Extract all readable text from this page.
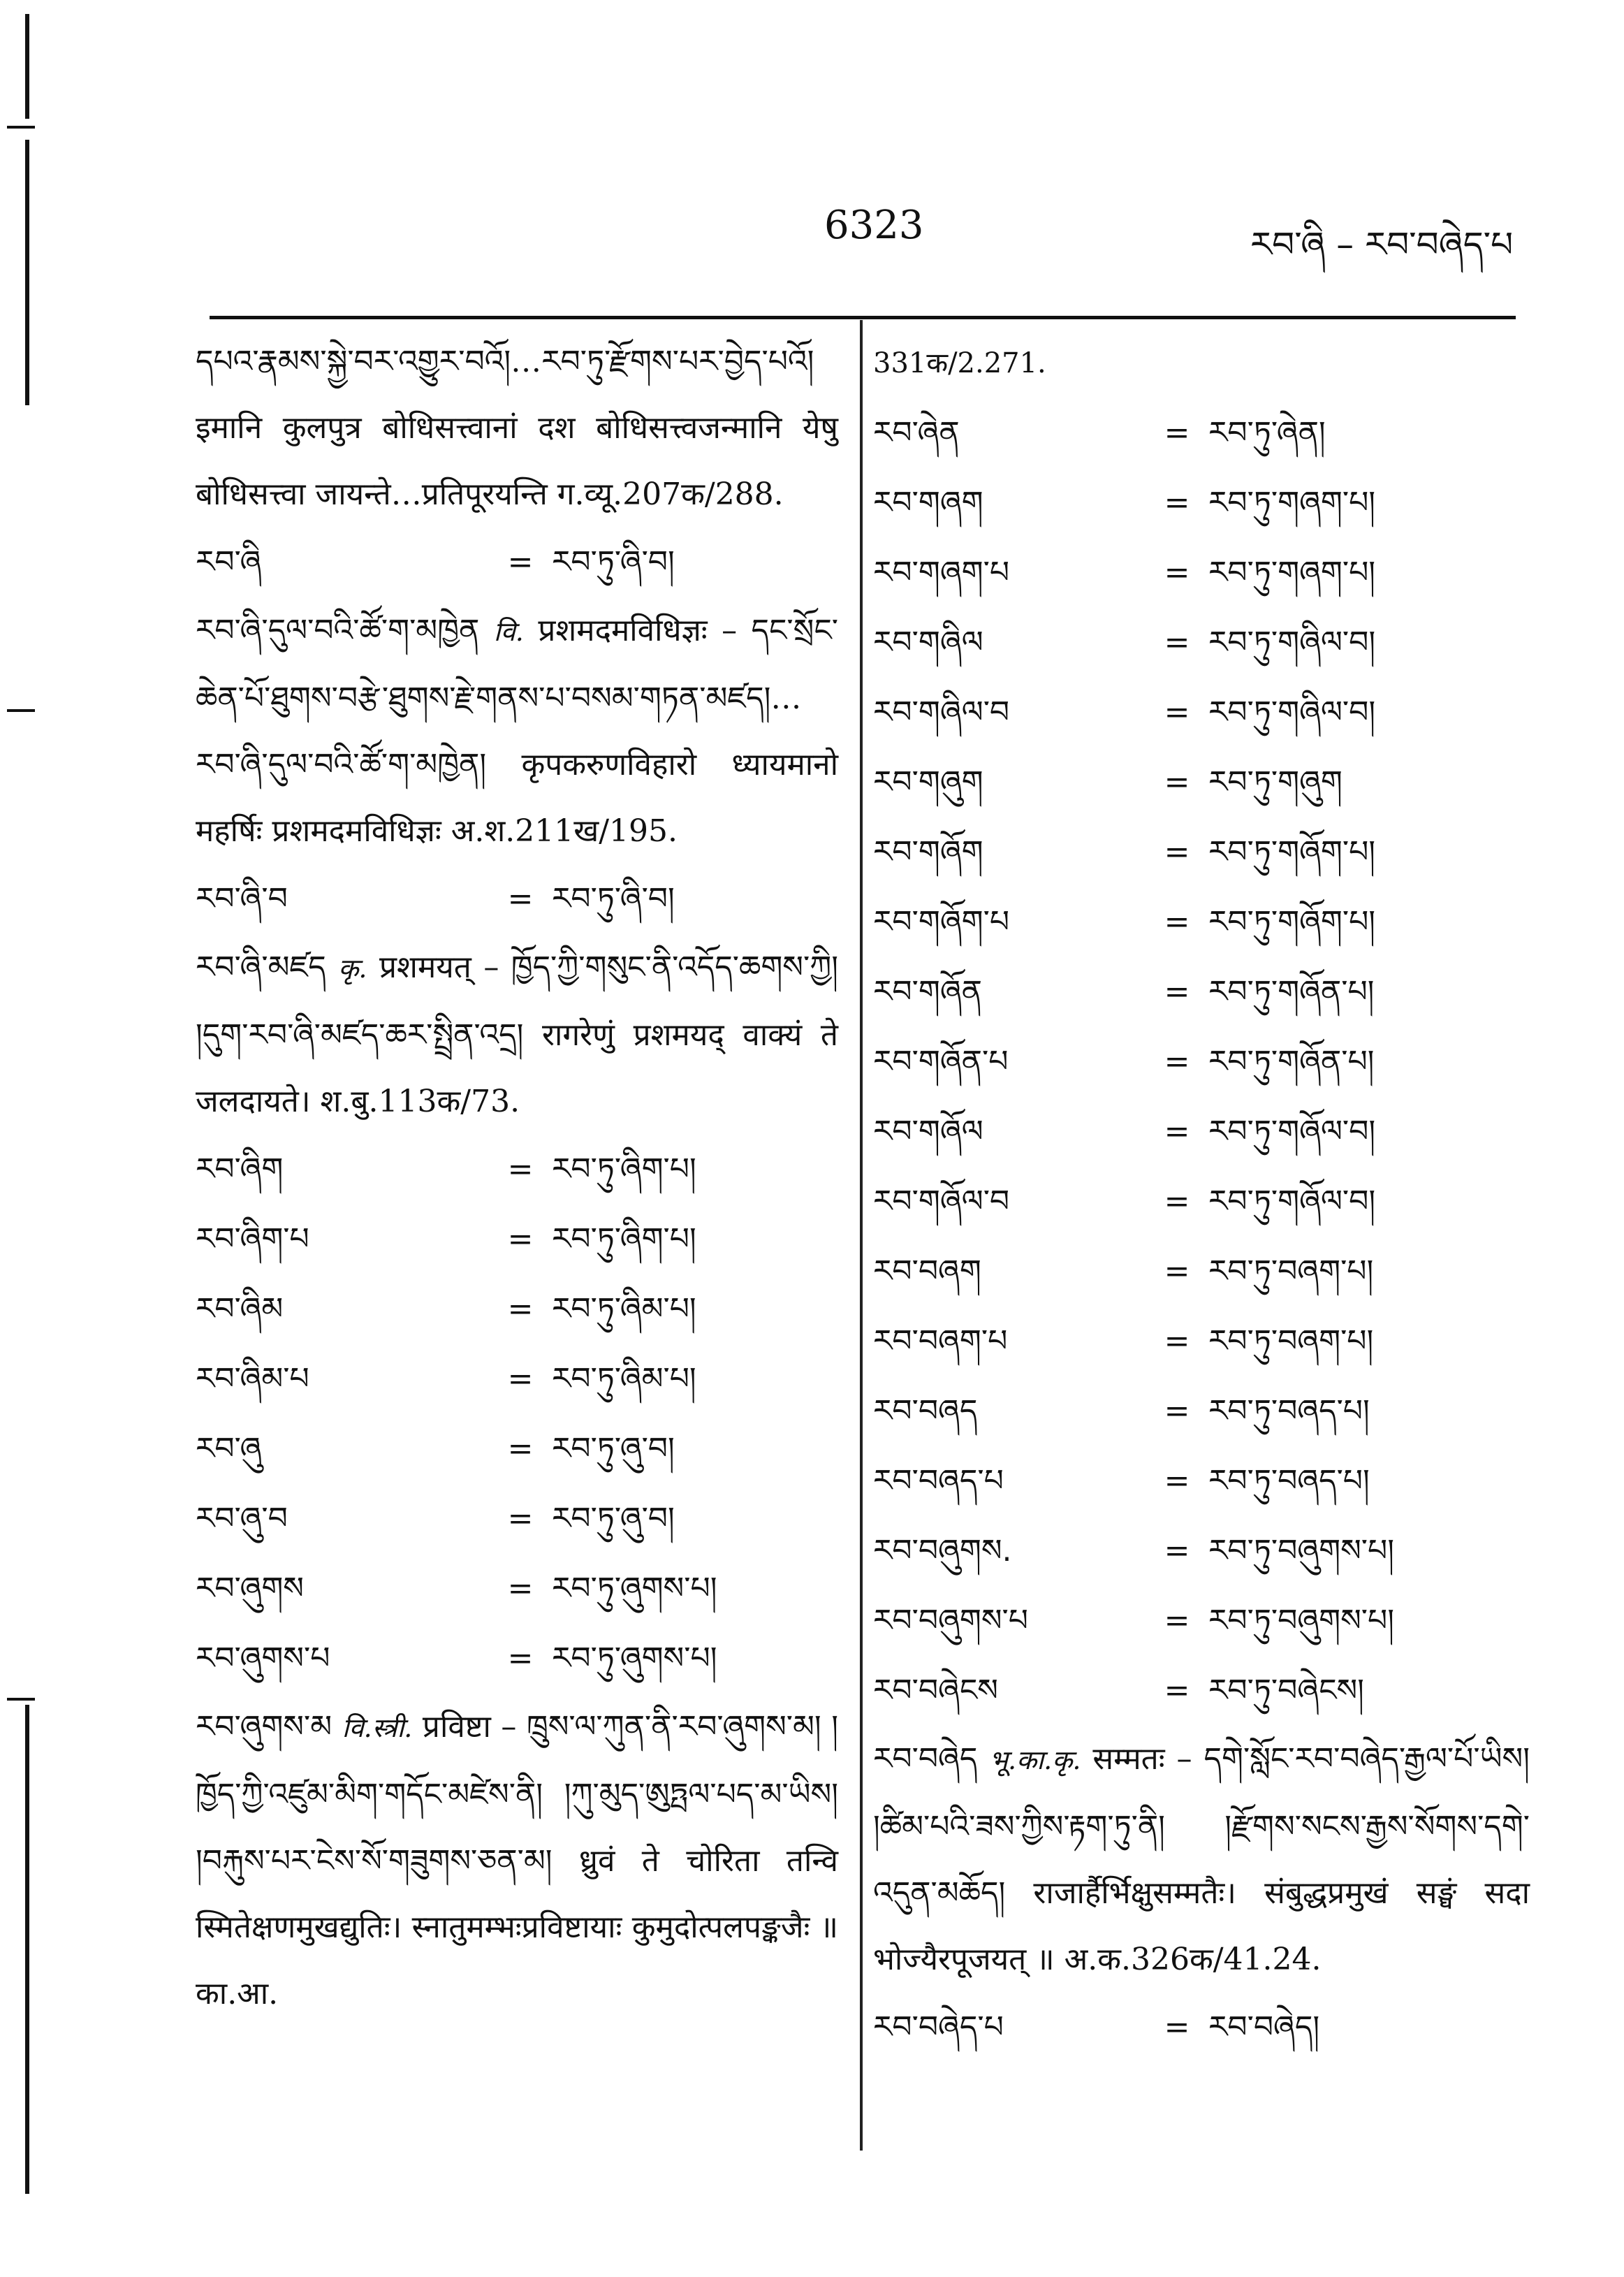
6323	རབ་ཞི – རབ་བཞེད་པ

དཔའ་རྣམས་སྐྱེ་བར་འགྱུར་བའོ།…རབ་ཏུ་རྫོགས་པར་བྱེད་པའོ། इमानि कुलपुत्र बोधिसत्त्वानां दश बोधिसत्त्वजन्मानि येषु बोधिसत्त्वा जायन्ते…प्रतिपूरयन्ति ग.व्यू.207क/288.

རབ་ཞི	= རབ་ཏུ་ཞི་བ།

རབ་ཞི་དུལ་བའི་ཚོ་ག་མཁྱེན वि. प्रशमदमविधिज्ञः – དང་སྲོང་ཆེན་པོ་ཐུགས་བརྩེ་ཐུགས་རྗེ་གནས་པ་བསམ་གཏན་མཛད།… རབ་ཞི་དུལ་བའི་ཚོ་ག་མཁྱེན། कृपकरुणविहारो ध्यायमानो महर्षिः प्रशमदमविधिज्ञः अ.श.211ख/195.

རབ་ཞི་བ	= རབ་ཏུ་ཞི་བ།

རབ་ཞི་མཛད कृ. प्रशमयत् – ཁྱོད་ཀྱི་གསུང་ནི་འདོད་ཆགས་ཀྱི། །དུག་རབ་ཞི་མཛད་ཆར་སྤྲིན་འདྲ། रागरेणुं प्रशमयद् वाक्यं ते जलदायते। श.बु.113क/73.

རབ་ཞིག	= རབ་ཏུ་ཞིག་པ།
རབ་ཞིག་པ	= རབ་ཏུ་ཞིག་པ།
རབ་ཞིམ	= རབ་ཏུ་ཞིམ་པ།
རབ་ཞིམ་པ	= རབ་ཏུ་ཞིམ་པ།
རབ་ཞུ	= རབ་ཏུ་ཞུ་བ།
རབ་ཞུ་བ	= རབ་ཏུ་ཞུ་བ།
རབ་ཞུགས	= རབ་ཏུ་ཞུགས་པ།
རབ་ཞུགས་པ	= རབ་ཏུ་ཞུགས་པ།

རབ་ཞུགས་མ वि.स्त्री. प्रविष्टा – ཁྲུས་ལ་ཀུན་ནི་རབ་ཞུགས་མ། །ཁྱོད་ཀྱི་འཛུམ་མིག་གདོང་མཛེས་ནི། །ཀུ་མུད་ཨུཏྤལ་པད་མ་ཡིས། །བརྐུས་པར་ངེས་སོ་གཟུགས་ཅན་མ། ध्रुवं ते चोरिता तन्वि स्मितेक्षणमुखद्युतिः। स्नातुमम्भःप्रविष्टायाः कुमुदोत्पलपङ्कजैः ॥ का.आ.

331क/2.271.

རབ་ཞེན	= རབ་ཏུ་ཞེན།
རབ་གཞག	= རབ་ཏུ་གཞག་པ།
རབ་གཞག་པ	= རབ་ཏུ་གཞག་པ།
རབ་གཞིལ	= རབ་ཏུ་གཞིལ་བ།
རབ་གཞིལ་བ	= རབ་ཏུ་གཞིལ་བ།
རབ་གཞུག	= རབ་ཏུ་གཞུག
རབ་གཞོག	= རབ་ཏུ་གཞོག་པ།
རབ་གཞོག་པ	= རབ་ཏུ་གཞོག་པ།
རབ་གཞོན	= རབ་ཏུ་གཞོན་པ།
རབ་གཞོན་པ	= རབ་ཏུ་གཞོན་པ།
རབ་གཞོལ	= རབ་ཏུ་གཞོལ་བ།
རབ་གཞོལ་བ	= རབ་ཏུ་གཞོལ་བ།
རབ་བཞག	= རབ་ཏུ་བཞག་པ།
རབ་བཞག་པ	= རབ་ཏུ་བཞག་པ།
རབ་བཞད	= རབ་ཏུ་བཞད་པ།
རབ་བཞད་པ	= རབ་ཏུ་བཞད་པ།
རབ་བཞུགས.	= རབ་ཏུ་བཞུགས་པ།
རབ་བཞུགས་པ	= རབ་ཏུ་བཞུགས་པ།
རབ་བཞེངས	= རབ་ཏུ་བཞེངས།

རབ་བཞེད भू.का.कृ. सम्मतः – དགེ་སློང་རབ་བཞེད་རྒྱལ་པོ་ཡིས། །ཚིམ་པའི་ཟས་ཀྱིས་རྟག་ཏུ་ནི། །རྫོགས་སངས་རྒྱས་སོགས་དགེ་འདུན་མཆོད། राजार्हैर्भिक्षुसम्मतैः। संबुद्धप्रमुखं सङ्घं सदा भोज्यैरपूजयत् ॥ अ.क.326क/41.24.

རབ་བཞེད་པ	= རབ་བཞེད།
